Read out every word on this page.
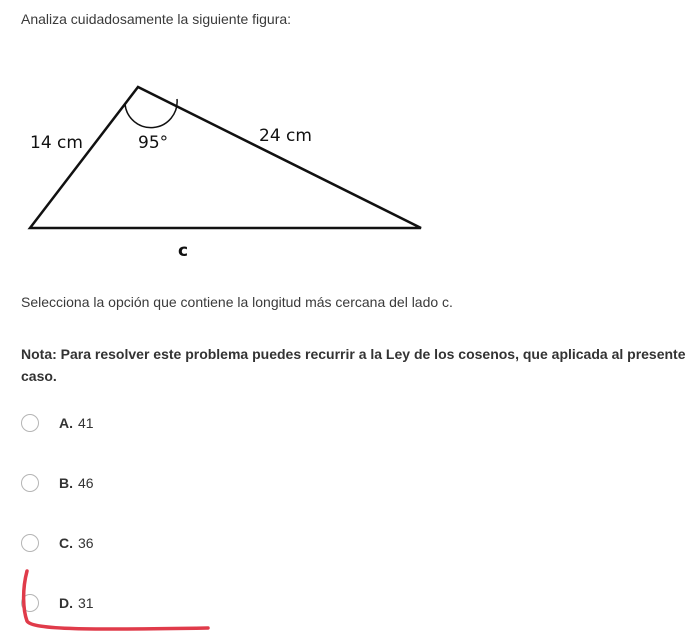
Analiza cuidadosamente la siguiente figura:
14 cm	95°	24 cm
c
Selecciona la opción que contiene la longitud más cercana del lado c.
Nota: Para resolver este problema puedes recurrir a la Ley de los cosenos, que aplicada al presente caso.
A. 41
B. 46
C. 36
D. 31
